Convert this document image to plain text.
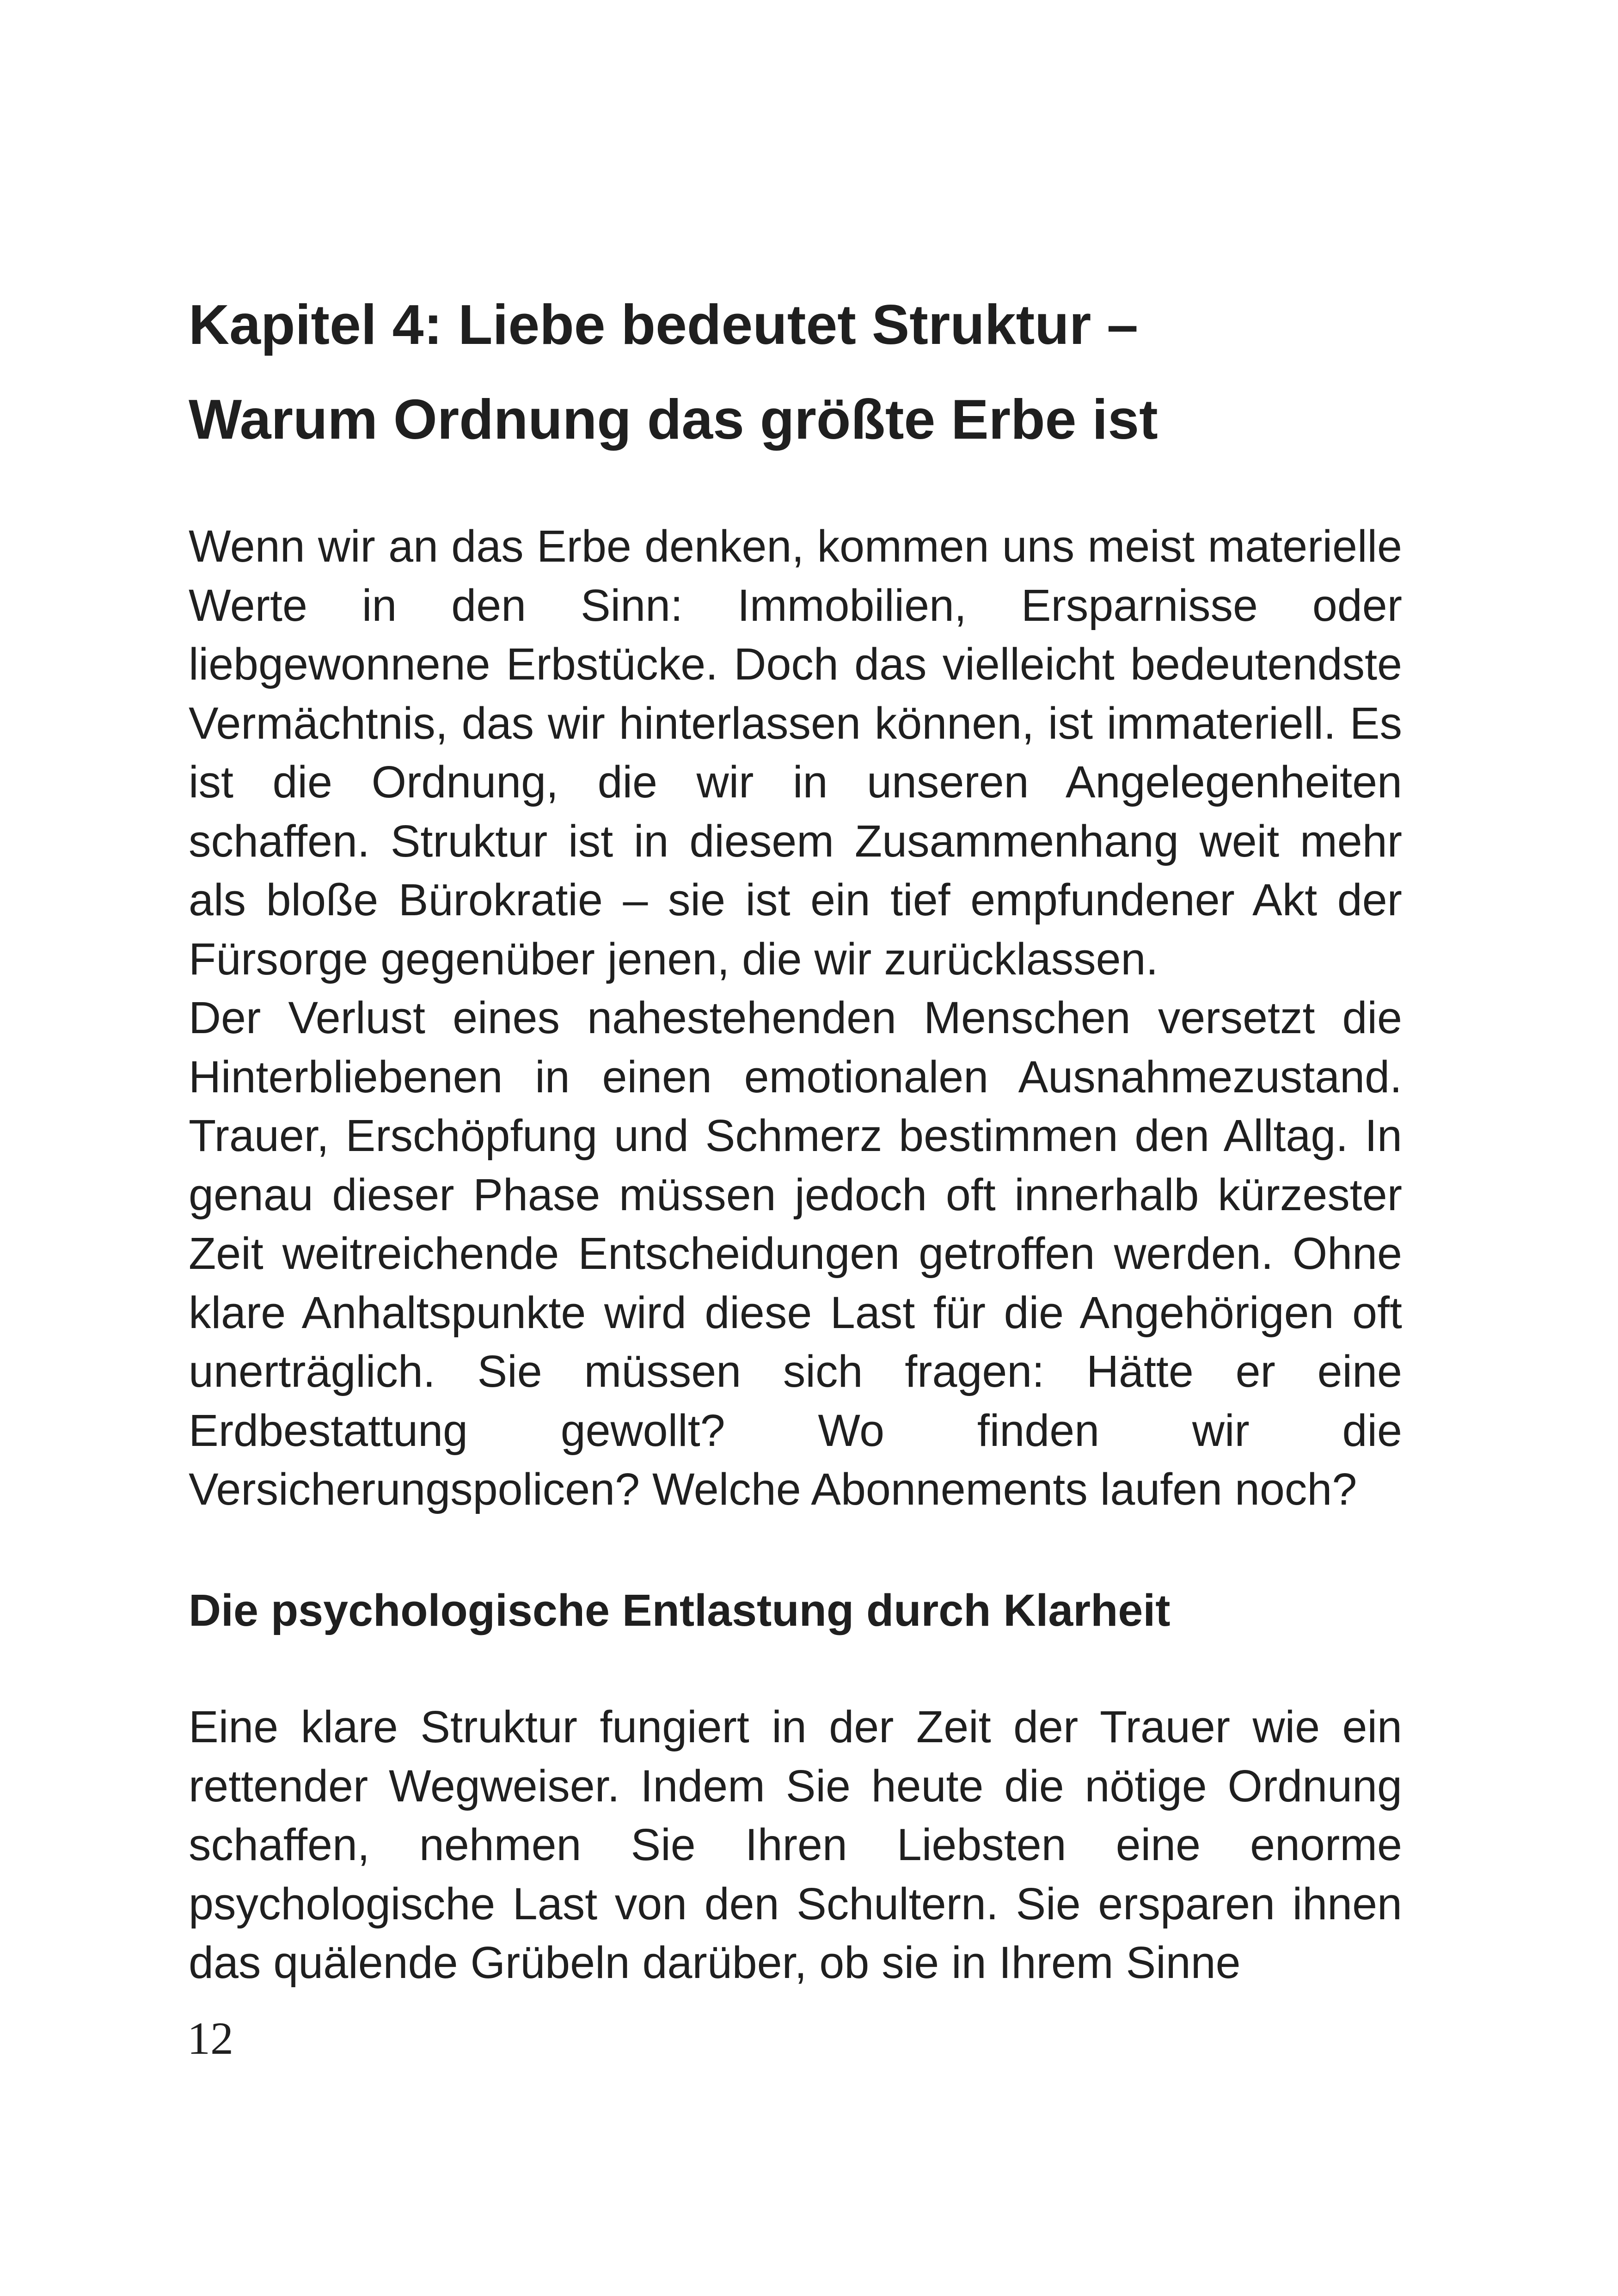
Kapitel 4: Liebe bedeutet Struktur –
Warum Ordnung das größte Erbe ist

Wenn wir an das Erbe denken, kommen uns meist materielle Werte in den Sinn: Immobilien, Ersparnisse oder liebgewonnene Erbstücke. Doch das vielleicht bedeutendste Vermächtnis, das wir hinterlassen können, ist immateriell. Es ist die Ordnung, die wir in unseren Angelegenheiten schaffen. Struktur ist in diesem Zusammenhang weit mehr als bloße Bürokratie – sie ist ein tief empfundener Akt der Fürsorge gegenüber jenen, die wir zurücklassen.

Der Verlust eines nahestehenden Menschen versetzt die Hinterbliebenen in einen emotionalen Ausnahmezustand. Trauer, Erschöpfung und Schmerz bestimmen den Alltag. In genau dieser Phase müssen jedoch oft innerhalb kürzester Zeit weitreichende Entscheidungen getroffen werden. Ohne klare Anhaltspunkte wird diese Last für die Angehörigen oft unerträglich. Sie müssen sich fragen: Hätte er eine Erdbestattung gewollt? Wo finden wir die Versicherungspolicen? Welche Abonnements laufen noch?

Die psychologische Entlastung durch Klarheit

Eine klare Struktur fungiert in der Zeit der Trauer wie ein rettender Wegweiser. Indem Sie heute die nötige Ordnung schaffen, nehmen Sie Ihren Liebsten eine enorme psychologische Last von den Schultern. Sie ersparen ihnen das quälende Grübeln darüber, ob sie in Ihrem Sinne

12
